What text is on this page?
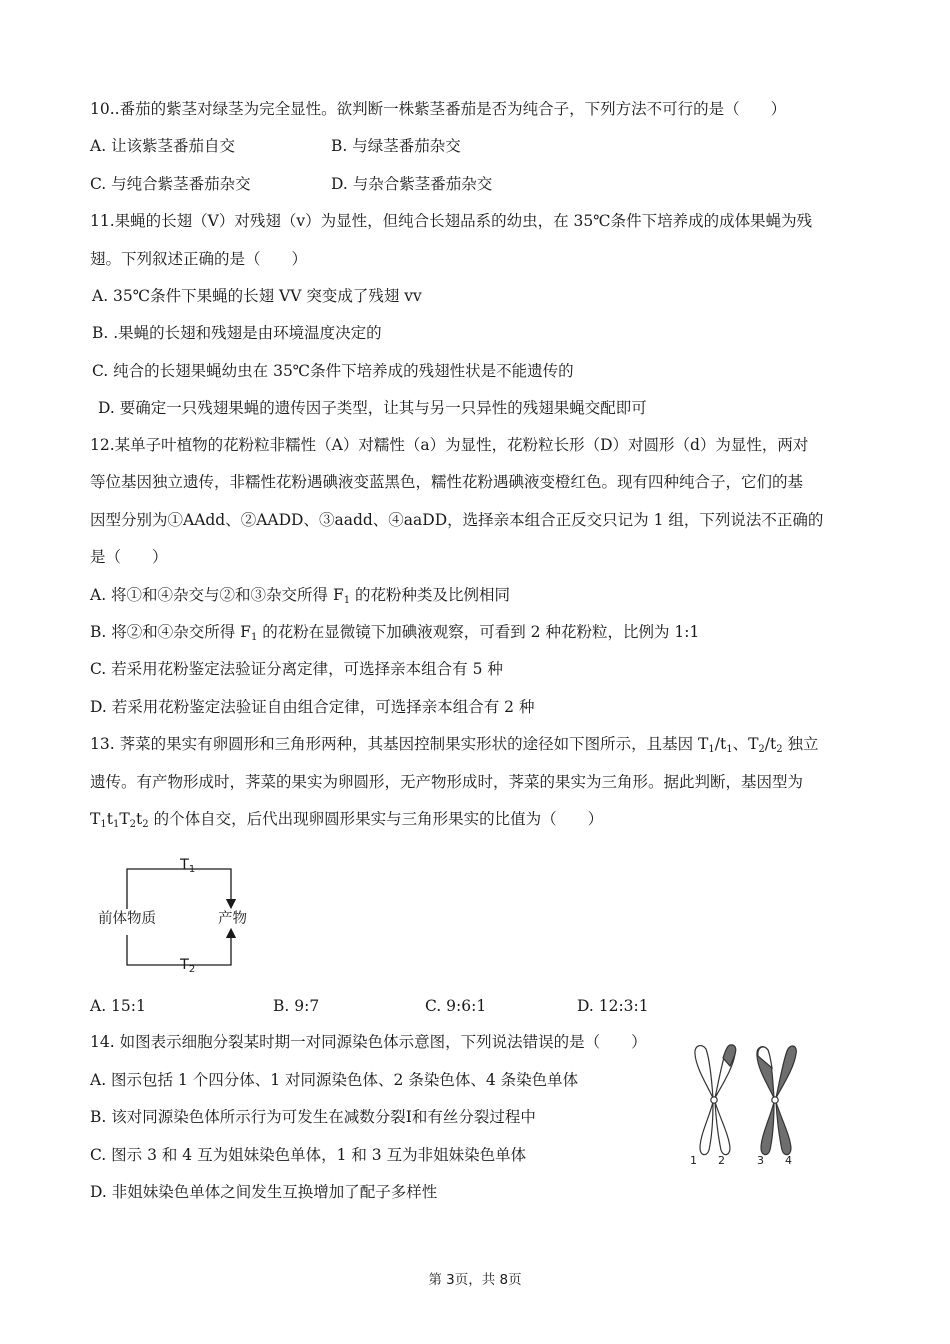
10..番茄的紫茎对绿茎为完全显性。欲判断一株紫茎番茄是否为纯合子，下列方法不可行的是（　　）
A. 让该紫茎番茄自交	B. 与绿茎番茄杂交
C. 与纯合紫茎番茄杂交	D. 与杂合紫茎番茄杂交
11.果蝇的长翅（V）对残翅（v）为显性，但纯合长翅品系的幼虫，在 35℃条件下培养成的成体果蝇为残
翅。下列叙述正确的是（　　）
A. 35℃条件下果蝇的长翅 VV 突变成了残翅 vv
B. .果蝇的长翅和残翅是由环境温度决定的
C. 纯合的长翅果蝇幼虫在 35℃条件下培养成的残翅性状是不能遗传的
D. 要确定一只残翅果蝇的遗传因子类型，让其与另一只异性的残翅果蝇交配即可
12.某单子叶植物的花粉粒非糯性（A）对糯性（a）为显性，花粉粒长形（D）对圆形（d）为显性，两对
等位基因独立遗传，非糯性花粉遇碘液变蓝黑色，糯性花粉遇碘液变橙红色。现有四种纯合子，它们的基
因型分别为①AAdd、②AADD、③aadd、④aaDD，选择亲本组合正反交只记为 1 组，下列说法不正确的
是（　　）
A. 将①和④杂交与②和③杂交所得 $F_1$ 的花粉种类及比例相同
B. 将②和④杂交所得 $F_1$ 的花粉在显微镜下加碘液观察，可看到 2 种花粉粒，比例为 1:1
C. 若采用花粉鉴定法验证分离定律，可选择亲本组合有 5 种
D. 若采用花粉鉴定法验证自由组合定律，可选择亲本组合有 2 种
13. 荠菜的果实有卵圆形和三角形两种，其基因控制果实形状的途径如下图所示，且基因 $T_1/t_1$、$T_2/t_2$ 独立
遗传。有产物形成时，荠菜的果实为卵圆形，无产物形成时，荠菜的果实为三角形。据此判断，基因型为
$T_1t_1T_2t_2$ 的个体自交，后代出现卵圆形果实与三角形果实的比值为（　　）
$T_1$
前体物质	产物
$T_2$
A. 15:1	B. 9:7	C. 9:6:1	D. 12:3:1
14. 如图表示细胞分裂某时期一对同源染色体示意图，下列说法错误的是（　　）
A. 图示包括 1 个四分体、1 对同源染色体、2 条染色体、4 条染色单体
B. 该对同源染色体所示行为可发生在减数分裂Ⅰ和有丝分裂过程中
C. 图示 3 和 4 互为姐妹染色单体，1 和 3 互为非姐妹染色单体
D. 非姐妹染色单体之间发生互换增加了配子多样性
1 2	3 4
第 3页，共 8页
